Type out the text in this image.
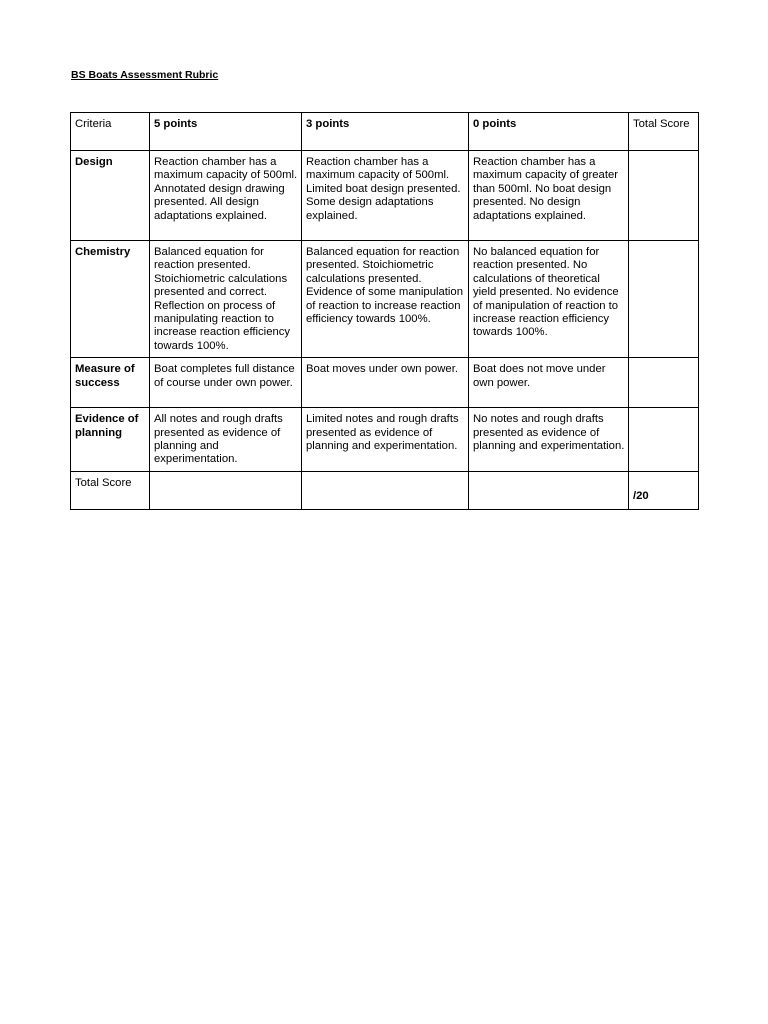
BS Boats Assessment Rubric
Criteria	5 points	3 points	0 points	Total Score
Design	Reaction chamber has a maximum capacity of 500ml. Annotated design drawing presented. All design adaptations explained.	Reaction chamber has a maximum capacity of 500ml. Limited boat design presented. Some design adaptations explained.	Reaction chamber has a maximum capacity of greater than 500ml. No boat design presented. No design adaptations explained.	
Chemistry	Balanced equation for reaction presented. Stoichiometric calculations presented and correct. Reflection on process of manipulating reaction to increase reaction efficiency towards 100%.	Balanced equation for reaction presented. Stoichiometric calculations presented. Evidence of some manipulation of reaction to increase reaction efficiency towards 100%.	No balanced equation for reaction presented. No calculations of theoretical yield presented. No evidence of manipulation of reaction to increase reaction efficiency towards 100%.	
Measure of success	Boat completes full distance of course under own power.	Boat moves under own power.	Boat does not move under own power.	
Evidence of planning	All notes and rough drafts presented as evidence of planning and experimentation.	Limited notes and rough drafts presented as evidence of planning and experimentation.	No notes and rough drafts presented as evidence of planning and experimentation.	
Total Score				/20
